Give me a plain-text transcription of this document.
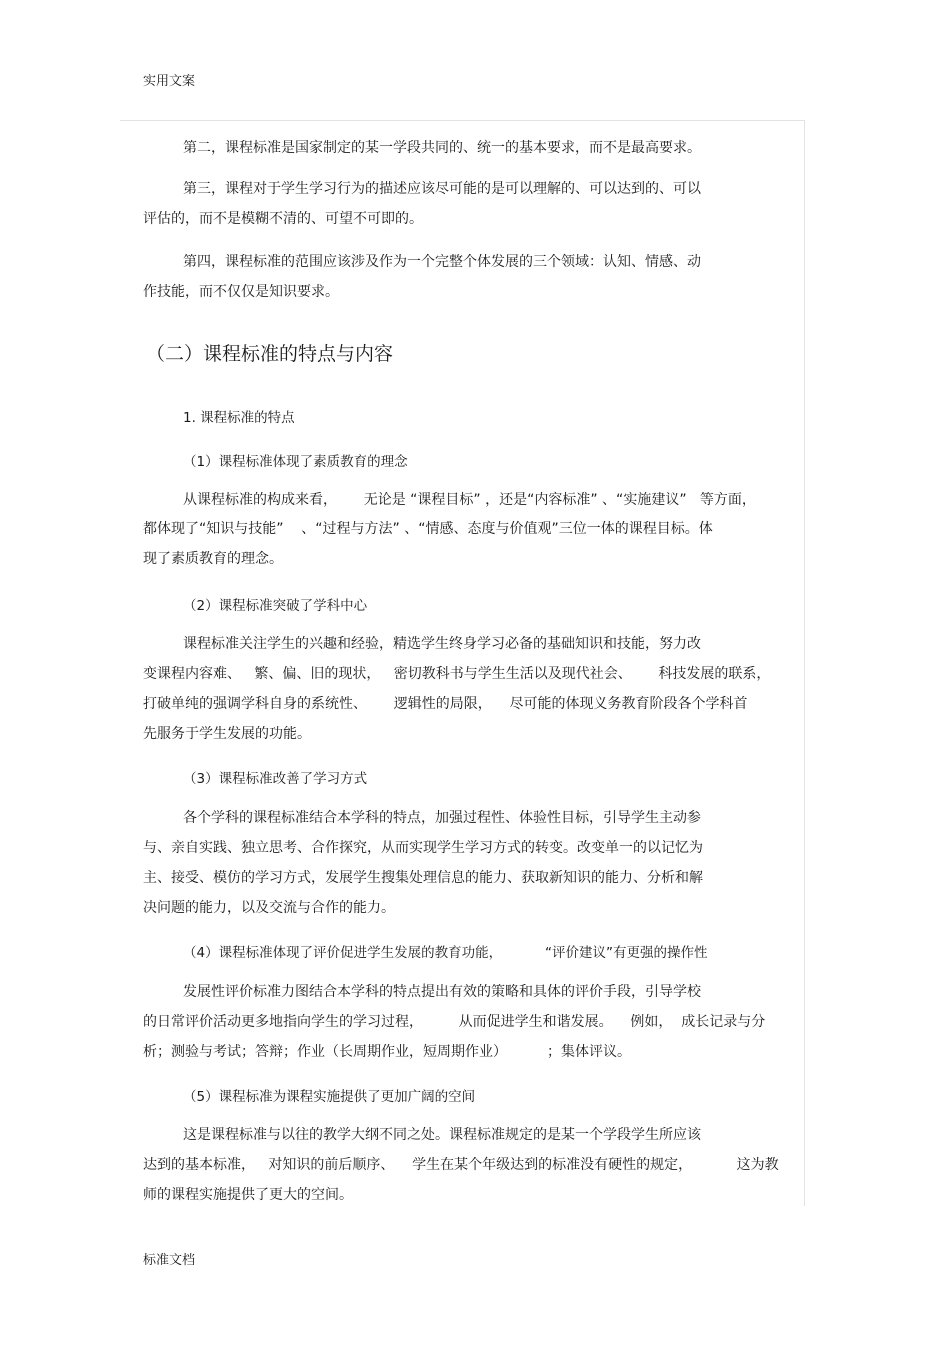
实用文案
第二，课程标准是国家制定的某一学段共同的、统一的基本要求，而不是最高要求。
第三，课程对于学生学习行为的描述应该尽可能的是可以理解的、可以达到的、可以
评估的，而不是模糊不清的、可望不可即的。
第四，课程标准的范围应该涉及作为一个完整个体发展的三个领域：认知、情感、动
作技能，而不仅仅是知识要求。
（二）课程标准的特点与内容
1. 课程标准的特点
（1）课程标准体现了素质教育的理念
从课程标准的构成来看，      无论是 “课程目标” ，还是“内容标准” 、“实施建议”   等方面，
都体现了“知识与技能”    、“过程与方法” 、“情感、态度与价值观”三位一体的课程目标。体
现了素质教育的理念。
（2）课程标准突破了学科中心
课程标准关注学生的兴趣和经验，精选学生终身学习必备的基础知识和技能，努力改
变课程内容难、   繁、偏、旧的现状，   密切教科书与学生生活以及现代社会、      科技发展的联系，
打破单纯的强调学科自身的系统性、      逻辑性的局限，    尽可能的体现义务教育阶段各个学科首
先服务于学生发展的功能。
（3）课程标准改善了学习方式
各个学科的课程标准结合本学科的特点，加强过程性、体验性目标，引导学生主动参
与、亲自实践、独立思考、合作探究，从而实现学生学习方式的转变。改变单一的以记忆为
主、接受、模仿的学习方式，发展学生搜集处理信息的能力、获取新知识的能力、分析和解
决问题的能力，以及交流与合作的能力。
（4）课程标准体现了评价促进学生发展的教育功能，          “评价建议”有更强的操作性
发展性评价标准力图结合本学科的特点提出有效的策略和具体的评价手段，引导学校
的日常评价活动更多地指向学生的学习过程，        从而促进学生和谐发展。    例如，  成长记录与分
析；测验与考试；答辩；作业（长周期作业，短周期作业）         ；集体评议。
（5）课程标准为课程实施提供了更加广阔的空间
这是课程标准与以往的教学大纲不同之处。课程标准规定的是某一个学段学生所应该
达到的基本标准，   对知识的前后顺序、    学生在某个年级达到的标准没有硬性的规定，          这为教
师的课程实施提供了更大的空间。
标准文档
